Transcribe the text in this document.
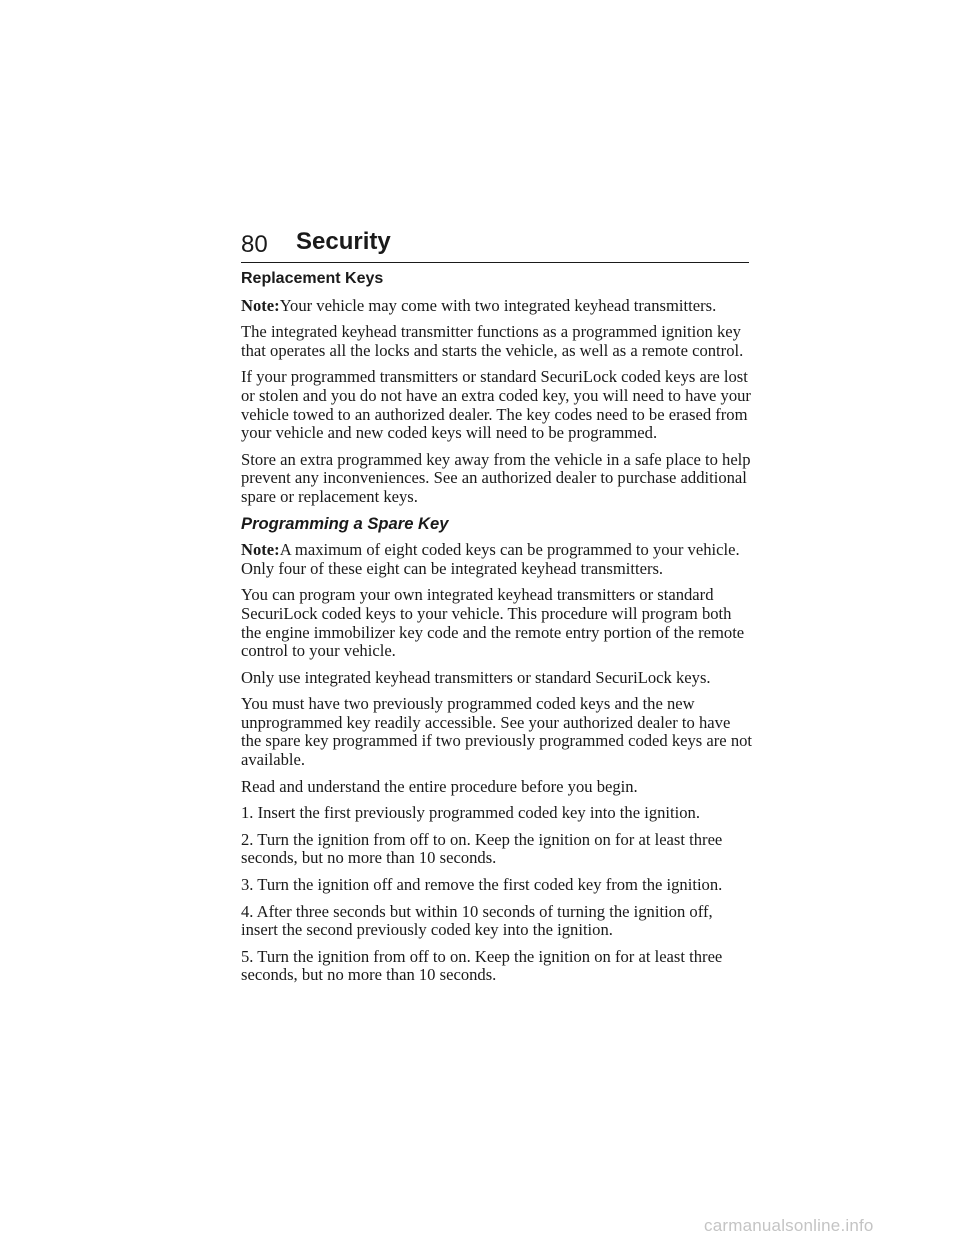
80 Security

Replacement Keys

Note:Your vehicle may come with two integrated keyhead transmitters.

The integrated keyhead transmitter functions as a programmed ignition key that operates all the locks and starts the vehicle, as well as a remote control.

If your programmed transmitters or standard SecuriLock coded keys are lost or stolen and you do not have an extra coded key, you will need to have your vehicle towed to an authorized dealer. The key codes need to be erased from your vehicle and new coded keys will need to be programmed.

Store an extra programmed key away from the vehicle in a safe place to help prevent any inconveniences. See an authorized dealer to purchase additional spare or replacement keys.

Programming a Spare Key

Note:A maximum of eight coded keys can be programmed to your vehicle. Only four of these eight can be integrated keyhead transmitters.

You can program your own integrated keyhead transmitters or standard SecuriLock coded keys to your vehicle. This procedure will program both the engine immobilizer key code and the remote entry portion of the remote control to your vehicle.

Only use integrated keyhead transmitters or standard SecuriLock keys.

You must have two previously programmed coded keys and the new unprogrammed key readily accessible. See your authorized dealer to have the spare key programmed if two previously programmed coded keys are not available.

Read and understand the entire procedure before you begin.

1. Insert the first previously programmed coded key into the ignition.

2. Turn the ignition from off to on. Keep the ignition on for at least three seconds, but no more than 10 seconds.

3. Turn the ignition off and remove the first coded key from the ignition.

4. After three seconds but within 10 seconds of turning the ignition off, insert the second previously coded key into the ignition.

5. Turn the ignition from off to on. Keep the ignition on for at least three seconds, but no more than 10 seconds.

carmanualsonline.info
